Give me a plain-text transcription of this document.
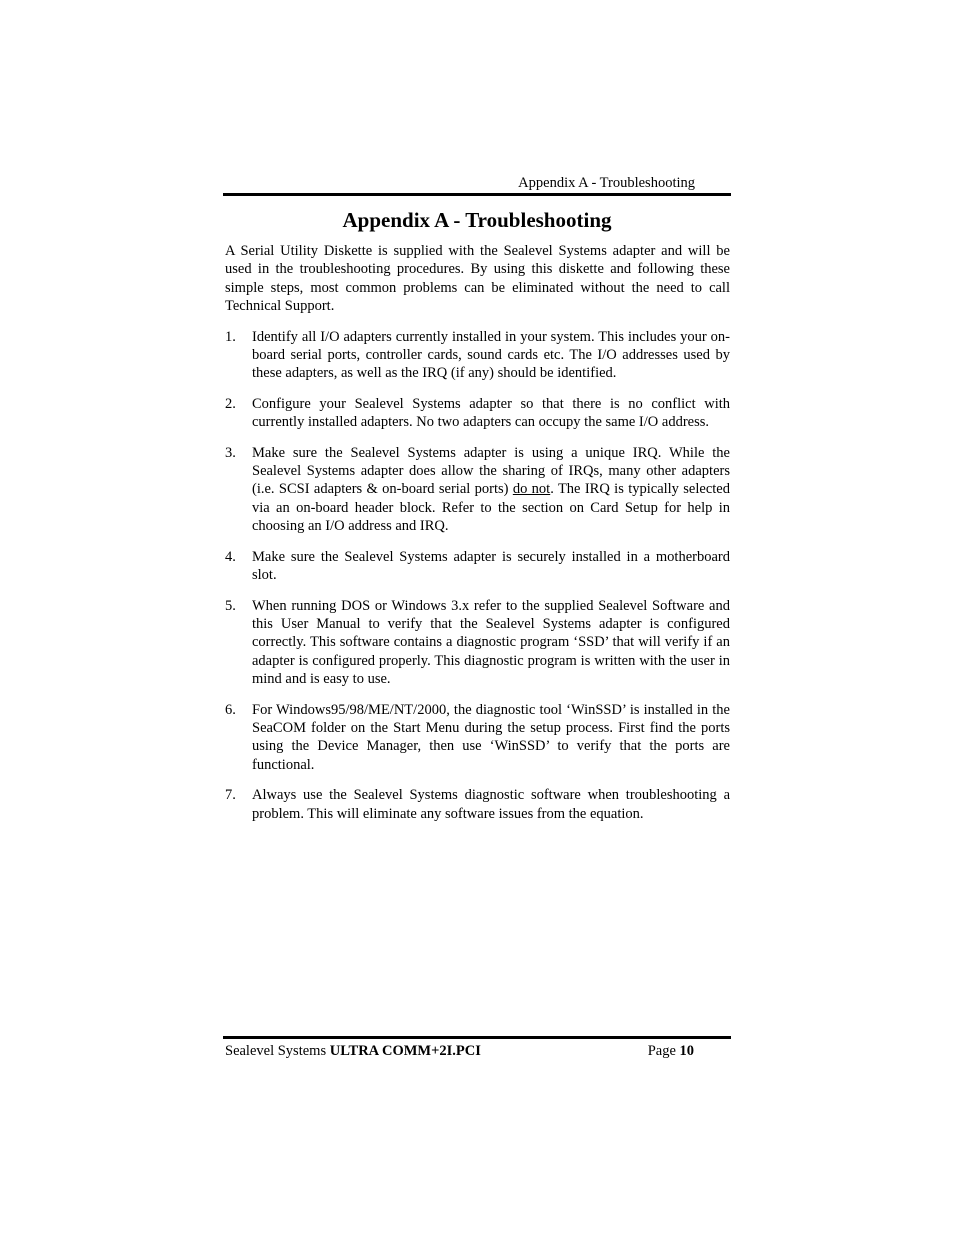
Appendix A - Troubleshooting
Appendix A - Troubleshooting

A Serial Utility Diskette is supplied with the Sealevel Systems adapter and will be used in the troubleshooting procedures. By using this diskette and following these simple steps, most common problems can be eliminated without the need to call Technical Support.

1. Identify all I/O adapters currently installed in your system. This includes your on-board serial ports, controller cards, sound cards etc. The I/O addresses used by these adapters, as well as the IRQ (if any) should be identified.
2. Configure your Sealevel Systems adapter so that there is no conflict with currently installed adapters. No two adapters can occupy the same I/O address.
3. Make sure the Sealevel Systems adapter is using a unique IRQ. While the Sealevel Systems adapter does allow the sharing of IRQs, many other adapters (i.e. SCSI adapters & on-board serial ports) do not. The IRQ is typically selected via an on-board header block. Refer to the section on Card Setup for help in choosing an I/O address and IRQ.
4. Make sure the Sealevel Systems adapter is securely installed in a motherboard slot.
5. When running DOS or Windows 3.x refer to the supplied Sealevel Software and this User Manual to verify that the Sealevel Systems adapter is configured correctly. This software contains a diagnostic program ‘SSD’ that will verify if an adapter is configured properly. This diagnostic program is written with the user in mind and is easy to use.
6. For Windows95/98/ME/NT/2000, the diagnostic tool ‘WinSSD’ is installed in the SeaCOM folder on the Start Menu during the setup process. First find the ports using the Device Manager, then use ‘WinSSD’ to verify that the ports are functional.
7. Always use the Sealevel Systems diagnostic software when troubleshooting a problem. This will eliminate any software issues from the equation.
Sealevel Systems ULTRA COMM+2I.PCI	Page 10
